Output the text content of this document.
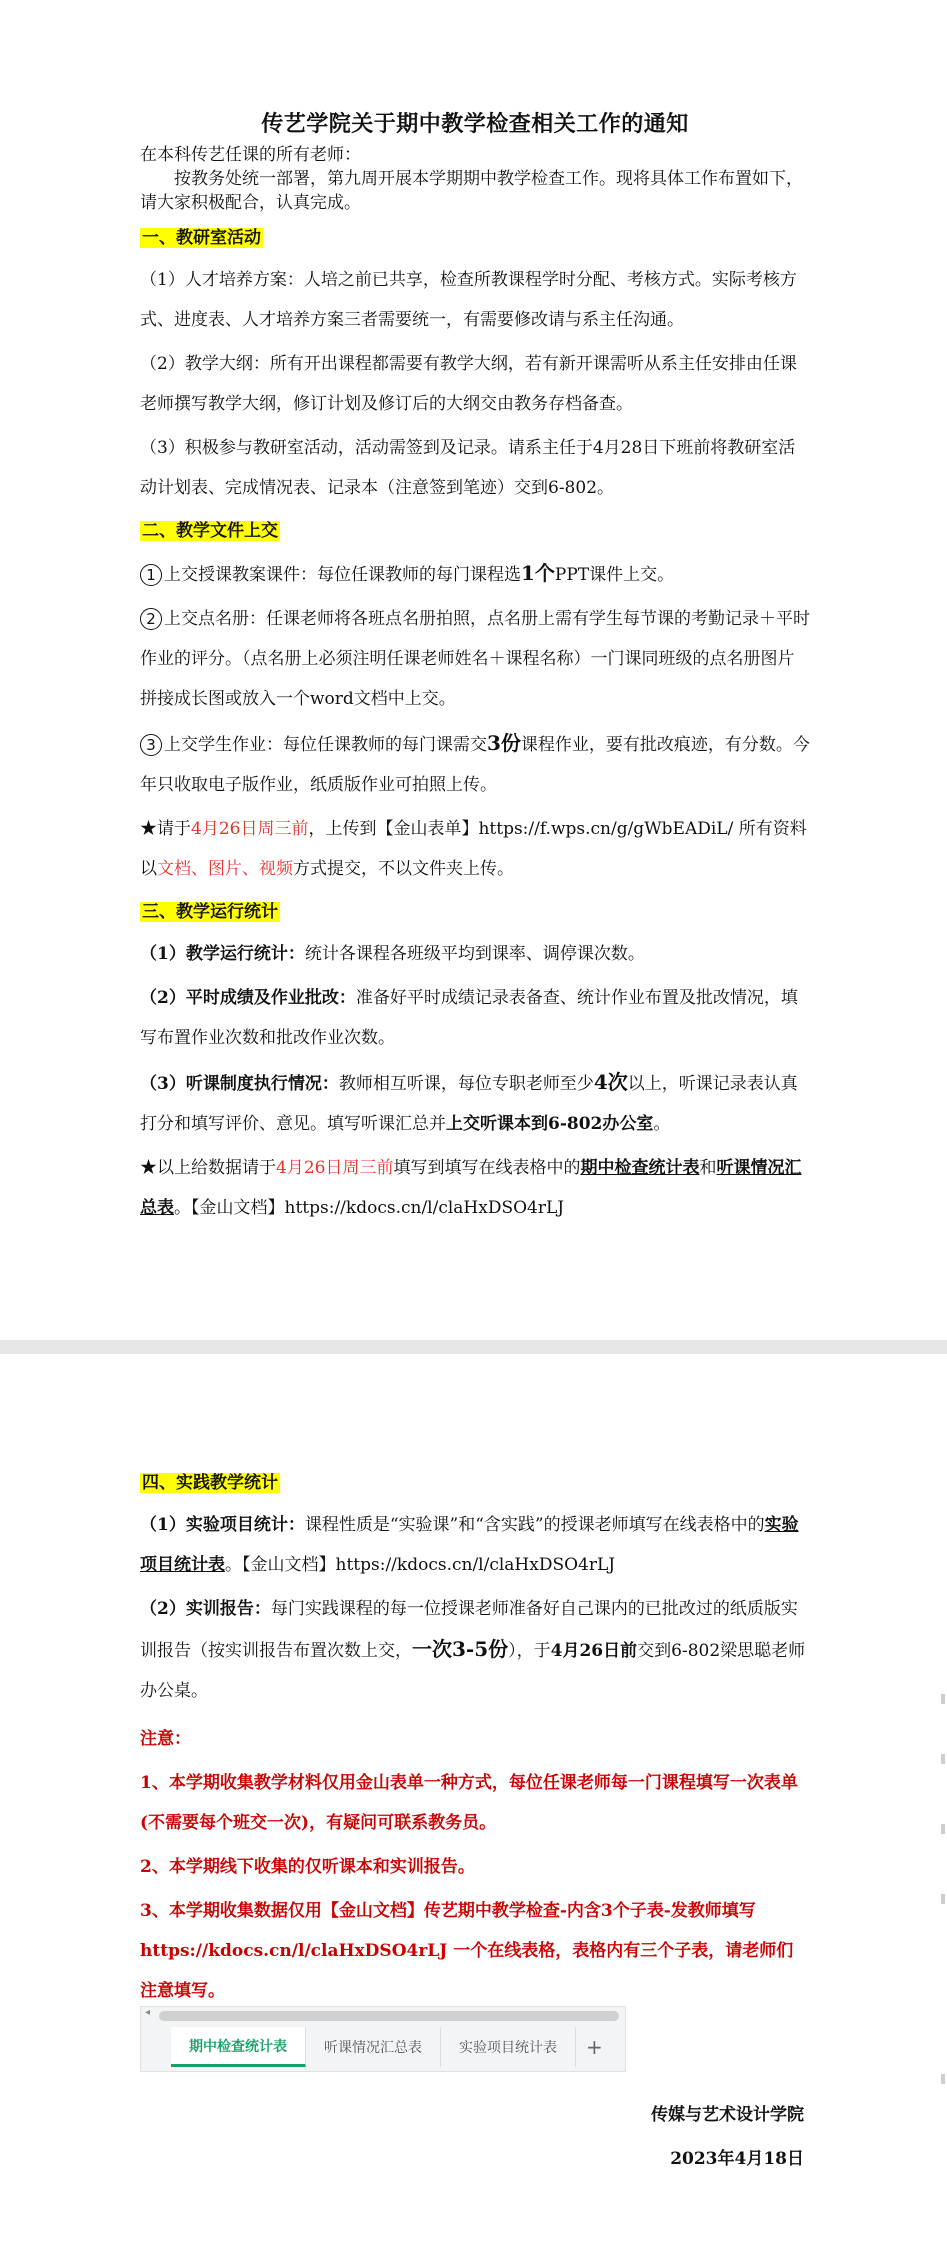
传艺学院关于期中教学检查相关工作的通知

在本科传艺任课的所有老师：

按教务处统一部署，第九周开展本学期期中教学检查工作。现将具体工作布置如下，请大家积极配合，认真完成。

一、教研室活动

（1）人才培养方案：人培之前已共享，检查所教课程学时分配、考核方式。实际考核方式、进度表、人才培养方案三者需要统一，有需要修改请与系主任沟通。

（2）教学大纲：所有开出课程都需要有教学大纲，若有新开课需听从系主任安排由任课老师撰写教学大纲，修订计划及修订后的大纲交由教务存档备查。

（3）积极参与教研室活动，活动需签到及记录。请系主任于4月28日下班前将教研室活动计划表、完成情况表、记录本（注意签到笔迹）交到6-802。

二、教学文件上交

1 上交授课教案课件：每位任课教师的每门课程选1个PPT课件上交。

2 上交点名册：任课老师将各班点名册拍照，点名册上需有学生每节课的考勤记录＋平时作业的评分。（点名册上必须注明任课老师姓名＋课程名称）一门课同班级的点名册图片拼接成长图或放入一个word文档中上交。

3 上交学生作业：每位任课教师的每门课需交3份课程作业，要有批改痕迹，有分数。今年只收取电子版作业，纸质版作业可拍照上传。

★请于4月26日周三前，上传到【金山表单】https://f.wps.cn/g/gWbEADiL/ 所有资料以文档、图片、视频方式提交，不以文件夹上传。

三、教学运行统计

（1）教学运行统计：统计各课程各班级平均到课率、调停课次数。

（2）平时成绩及作业批改：准备好平时成绩记录表备查、统计作业布置及批改情况，填写布置作业次数和批改作业次数。

（3）听课制度执行情况：教师相互听课，每位专职老师至少4次以上，听课记录表认真打分和填写评价、意见。填写听课汇总并上交听课本到6-802办公室。

★以上给数据请于4月26日周三前填写到填写在线表格中的期中检查统计表和听课情况汇总表。【金山文档】https://kdocs.cn/l/clаHxDSO4rLJ

四、实践教学统计

（1）实验项目统计：课程性质是“实验课”和“含实践”的授课老师填写在线表格中的实验项目统计表。【金山文档】https://kdocs.cn/l/clаHxDSO4rLJ

（2）实训报告：每门实践课程的每一位授课老师准备好自己课内的已批改过的纸质版实训报告（按实训报告布置次数上交，一次3-5份），于4月26日前交到6-802梁思聪老师办公桌。

注意：

1、本学期收集教学材料仅用金山表单一种方式，每位任课老师每一门课程填写一次表单(不需要每个班交一次)，有疑问可联系教务员。

2、本学期线下收集的仅听课本和实训报告。

3、本学期收集数据仅用【金山文档】传艺期中教学检查-内含3个子表-发教师填写https://kdocs.cn/l/clаHxDSO4rLJ 一个在线表格，表格内有三个子表，请老师们注意填写。

◂
期中检查统计表	听课情况汇总表	实验项目统计表	+

传媒与艺术设计学院

2023年4月18日
